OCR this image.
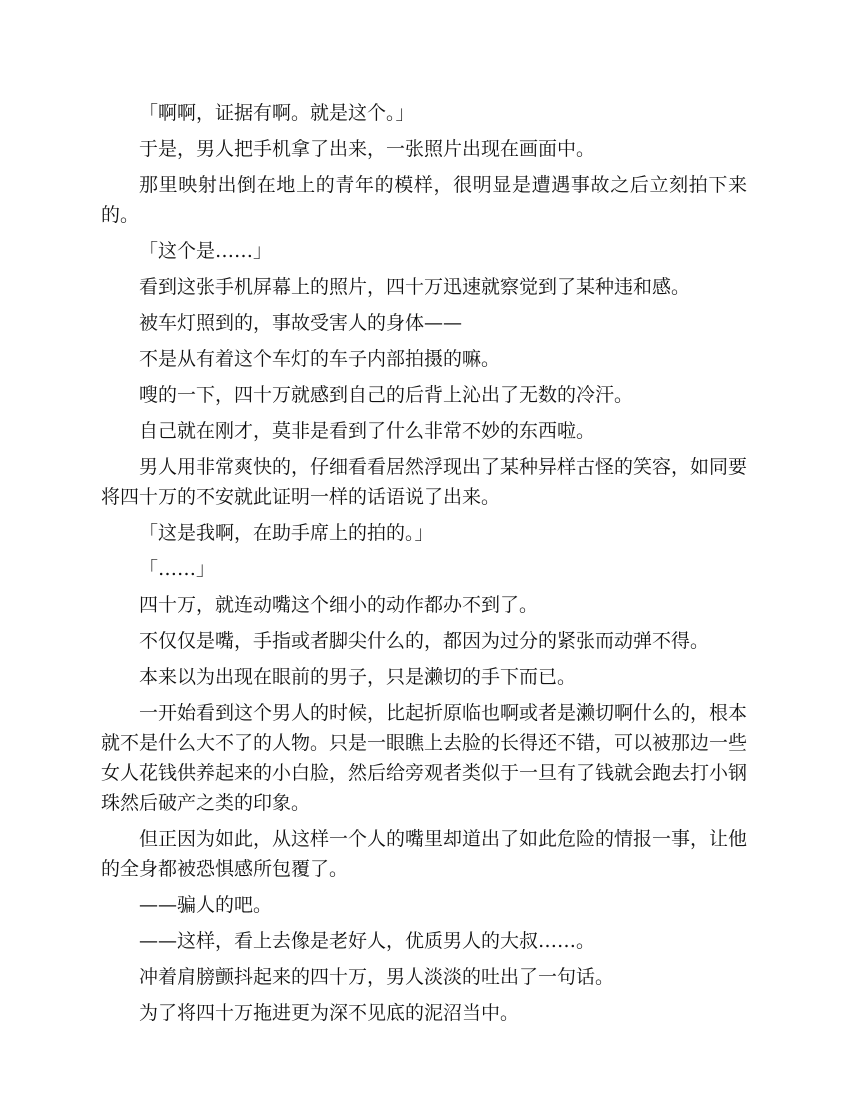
「啊啊，证据有啊。就是这个。」

于是，男人把手机拿了出来，一张照片出现在画面中。

那里映射出倒在地上的青年的模样，很明显是遭遇事故之后立刻拍下来的。

「这个是……」

看到这张手机屏幕上的照片，四十万迅速就察觉到了某种违和感。

被车灯照到的，事故受害人的身体——

不是从有着这个车灯的车子内部拍摄的嘛。

嗖的一下，四十万就感到自己的后背上沁出了无数的冷汗。

自己就在刚才，莫非是看到了什么非常不妙的东西啦。

男人用非常爽快的，仔细看看居然浮现出了某种异样古怪的笑容，如同要将四十万的不安就此证明一样的话语说了出来。

「这是我啊，在助手席上的拍的。」

「……」

四十万，就连动嘴这个细小的动作都办不到了。

不仅仅是嘴，手指或者脚尖什么的，都因为过分的紧张而动弹不得。

本来以为出现在眼前的男子，只是濑切的手下而已。

一开始看到这个男人的时候，比起折原临也啊或者是濑切啊什么的，根本就不是什么大不了的人物。只是一眼瞧上去脸的长得还不错，可以被那边一些女人花钱供养起来的小白脸，然后给旁观者类似于一旦有了钱就会跑去打小钢珠然后破产之类的印象。

但正因为如此，从这样一个人的嘴里却道出了如此危险的情报一事，让他的全身都被恐惧感所包覆了。

——骗人的吧。

——这样，看上去像是老好人，优质男人的大叔……。

冲着肩膀颤抖起来的四十万，男人淡淡的吐出了一句话。

为了将四十万拖进更为深不见底的泥沼当中。
